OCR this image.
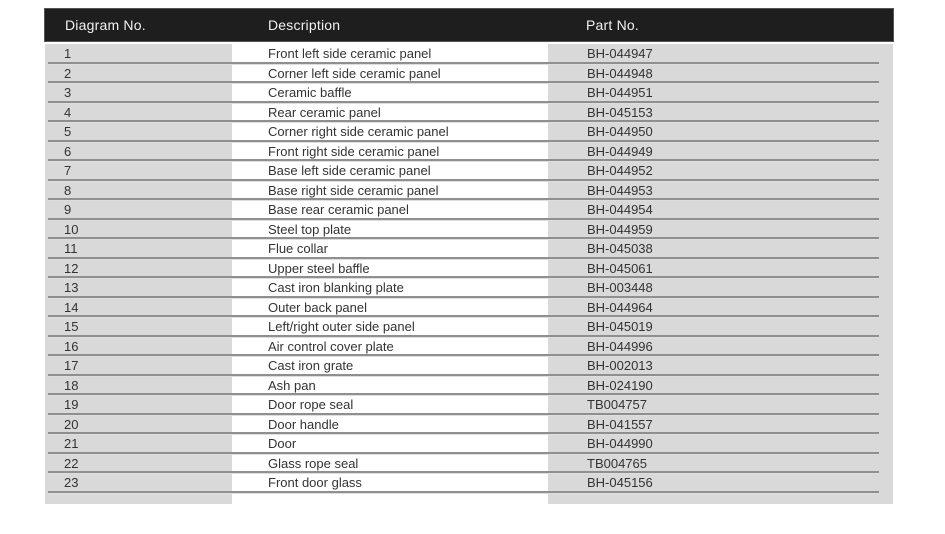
Diagram No.	Description	Part No.
1	Front left side ceramic panel	BH-044947
2	Corner left side ceramic panel	BH-044948
3	Ceramic baffle	BH-044951
4	Rear ceramic panel	BH-045153
5	Corner right side ceramic panel	BH-044950
6	Front right side ceramic panel	BH-044949
7	Base left side ceramic panel	BH-044952
8	Base right side ceramic panel	BH-044953
9	Base rear ceramic panel	BH-044954
10	Steel top plate	BH-044959
11	Flue collar	BH-045038
12	Upper steel baffle	BH-045061
13	Cast iron blanking plate	BH-003448
14	Outer back panel	BH-044964
15	Left/right outer side panel	BH-045019
16	Air control cover plate	BH-044996
17	Cast iron grate	BH-002013
18	Ash pan	BH-024190
19	Door rope seal	TB004757
20	Door handle	BH-041557
21	Door	BH-044990
22	Glass rope seal	TB004765
23	Front door glass	BH-045156
